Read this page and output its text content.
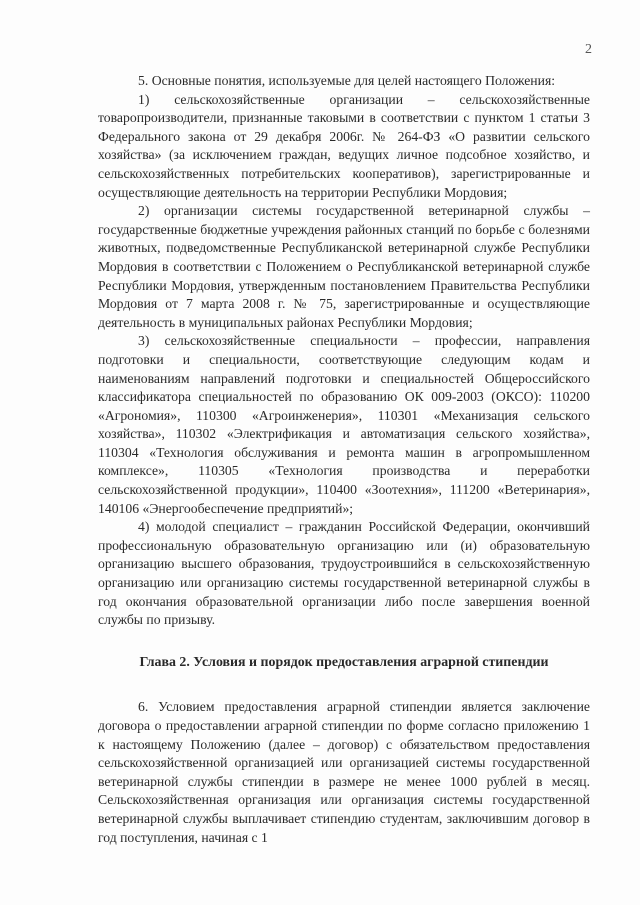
2

5. Основные понятия, используемые для целей настоящего Положения:

1) сельскохозяйственные организации – сельскохозяйственные товаропроизводители, признанные таковыми в соответствии с пунктом 1 статьи 3 Федерального закона от 29 декабря 2006г. № 264-ФЗ «О развитии сельского хозяйства» (за исключением граждан, ведущих личное подсобное хозяйство, и сельскохозяйственных потребительских кооперативов), зарегистрированные и осуществляющие деятельность на территории Республики Мордовия;

2) организации системы государственной ветеринарной службы – государственные бюджетные учреждения районных станций по борьбе с болезнями животных, подведомственные Республиканской ветеринарной службе Республики Мордовия в соответствии с Положением о Республиканской ветеринарной службе Республики Мордовия, утвержденным постановлением Правительства Республики Мордовия от 7 марта 2008 г. № 75, зарегистрированные и осуществляющие деятельность в муниципальных районах Республики Мордовия;

3) сельскохозяйственные специальности – профессии, направления подготовки и специальности, соответствующие следующим кодам и наименованиям направлений подготовки и специальностей Общероссийского классификатора специальностей по образованию ОК 009-2003 (ОКСО): 110200 «Агрономия», 110300 «Агроинженерия», 110301 «Механизация сельского хозяйства», 110302 «Электрификация и автоматизация сельского хозяйства», 110304 «Технология обслуживания и ремонта машин в агропромышленном комплексе», 110305 «Технология производства и переработки сельскохозяйственной продукции», 110400 «Зоотехния», 111200 «Ветеринария», 140106 «Энергообеспечение предприятий»;

4) молодой специалист – гражданин Российской Федерации, окончивший профессиональную образовательную организацию или (и) образовательную организацию высшего образования, трудоустроившийся в сельскохозяйственную организацию или организацию системы государственной ветеринарной службы в год окончания образовательной организации либо после завершения военной службы по призыву.

Глава 2. Условия и порядок предоставления аграрной стипендии

6. Условием предоставления аграрной стипендии является заключение договора о предоставлении аграрной стипендии по форме согласно приложению 1 к настоящему Положению (далее – договор) с обязательством предоставления сельскохозяйственной организацией или организацией системы государственной ветеринарной службы стипендии в размере не менее 1000 рублей в месяц. Сельскохозяйственная организация или организация системы государственной ветеринарной службы выплачивает стипендию студентам, заключившим договор в год поступления, начиная с 1
